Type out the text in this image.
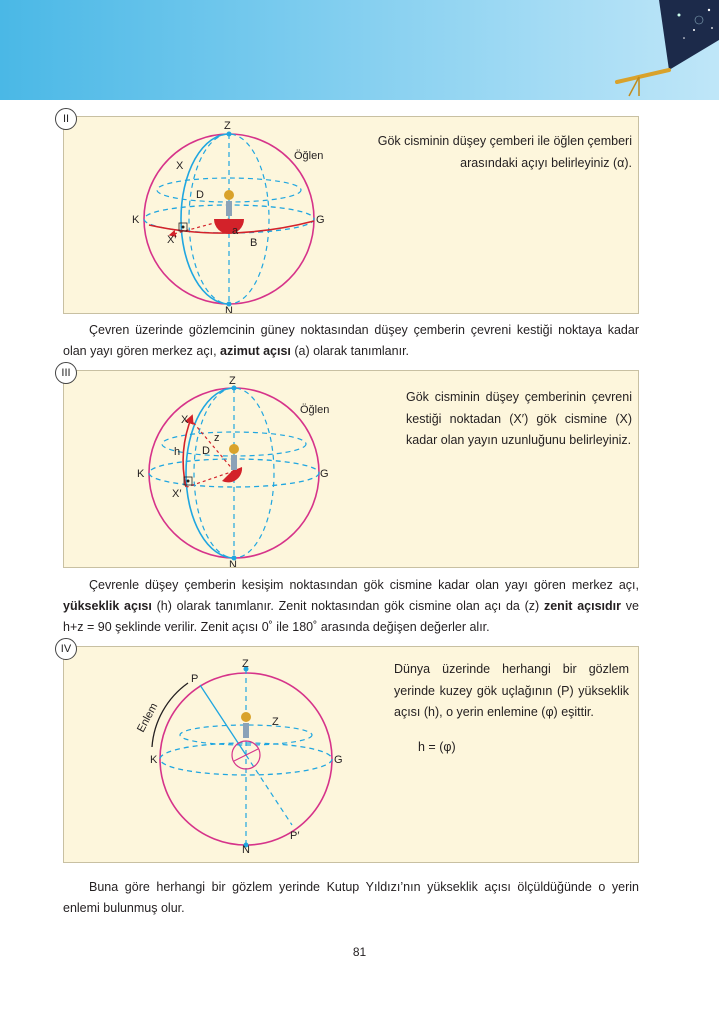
II
Z
N
K	G
Öğlen
X
X′
D
a
B
Gök cisminin düşey çemberi ile öğlen çemberi arasındaki açıyı belirleyiniz (α).

Çevren üzerinde gözlemcinin güney noktasından düşey çemberin çevreni kestiği noktaya kadar olan yayı gören merkez açı, azimut açısı (a) olarak tanımlanır.

III
Z
N
K	G
Öğlen
X
X′
D
h
z
Gök cisminin düşey çemberinin çevreni kestiği noktadan (X′) gök cismine (X) kadar olan yayın uzunluğunu belirleyiniz.

Çevrenle düşey çemberin kesişim noktasından gök cismine kadar olan yayı gören merkez açı, yükseklik açısı (h) olarak tanımlanır. Zenit noktasından gök cismine olan açı da (z) zenit açısıdır ve h+z = 90 şeklinde verilir. Zenit açısı 0˚ ile 180˚ arasında değişen değerler alır.

IV
Z
N
K	G
P
P′
Z
Enlem
Dünya üzerinde herhangi bir gözlem yerinde kuzey gök uçlağının (P) yükseklik açısı (h), o yerin enlemine (φ) eşittir.
h = (φ)

Buna göre herhangi bir gözlem yerinde Kutup Yıldızı’nın yükseklik açısı ölçüldüğünde o yerin enlemi bulunmuş olur.

81
